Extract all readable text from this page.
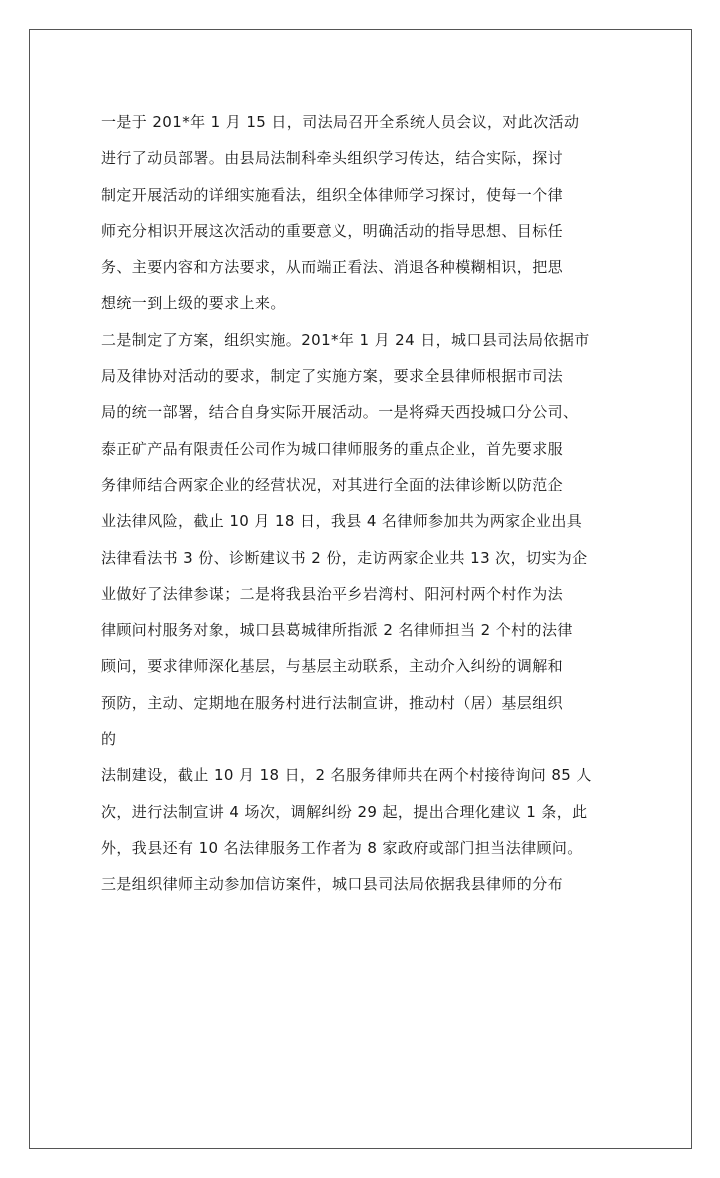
一是于 201*年 1 月 15 日，司法局召开全系统人员会议，对此次活动
进行了动员部署。由县局法制科牵头组织学习传达，结合实际，探讨
制定开展活动的详细实施看法，组织全体律师学习探讨，使每一个律
师充分相识开展这次活动的重要意义，明确活动的指导思想、目标任
务、主要内容和方法要求，从而端正看法、消退各种模糊相识，把思
想统一到上级的要求上来。
二是制定了方案，组织实施。201*年 1 月 24 日，城口县司法局依据市
局及律协对活动的要求，制定了实施方案，要求全县律师根据市司法
局的统一部署，结合自身实际开展活动。一是将舜天西投城口分公司、
泰正矿产品有限责任公司作为城口律师服务的重点企业，首先要求服
务律师结合两家企业的经营状况，对其进行全面的法律诊断以防范企
业法律风险，截止 10 月 18 日，我县 4 名律师参加共为两家企业出具
法律看法书 3 份、诊断建议书 2 份，走访两家企业共 13 次，切实为企
业做好了法律参谋；二是将我县治平乡岩湾村、阳河村两个村作为法
律顾问村服务对象，城口县葛城律所指派 2 名律师担当 2 个村的法律
顾问，要求律师深化基层，与基层主动联系，主动介入纠纷的调解和
预防，主动、定期地在服务村进行法制宣讲，推动村（居）基层组织
的
法制建设，截止 10 月 18 日，2 名服务律师共在两个村接待询问 85 人
次，进行法制宣讲 4 场次，调解纠纷 29 起，提出合理化建议 1 条，此
外，我县还有 10 名法律服务工作者为 8 家政府或部门担当法律顾问。
三是组织律师主动参加信访案件，城口县司法局依据我县律师的分布
